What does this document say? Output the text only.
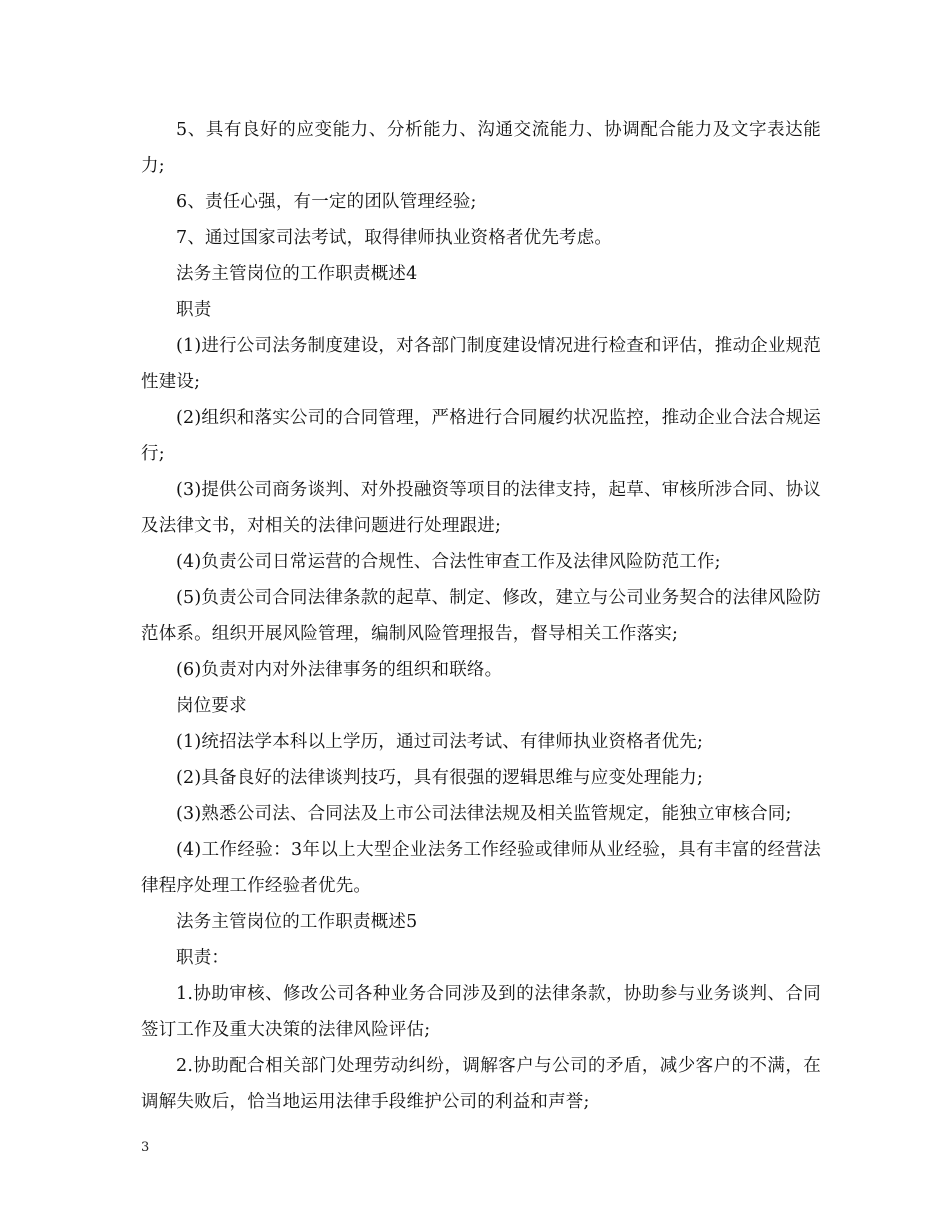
5、具有良好的应变能力、分析能力、沟通交流能力、协调配合能力及文字表达能力;

6、责任心强，有一定的团队管理经验;

7、通过国家司法考试，取得律师执业资格者优先考虑。

法务主管岗位的工作职责概述4

职责

(1)进行公司法务制度建设，对各部门制度建设情况进行检查和评估，推动企业规范性建设;

(2)组织和落实公司的合同管理，严格进行合同履约状况监控，推动企业合法合规运行;

(3)提供公司商务谈判、对外投融资等项目的法律支持，起草、审核所涉合同、协议及法律文书，对相关的法律问题进行处理跟进;

(4)负责公司日常运营的合规性、合法性审查工作及法律风险防范工作;

(5)负责公司合同法律条款的起草、制定、修改，建立与公司业务契合的法律风险防范体系。组织开展风险管理，编制风险管理报告，督导相关工作落实;

(6)负责对内对外法律事务的组织和联络。

岗位要求

(1)统招法学本科以上学历，通过司法考试、有律师执业资格者优先;

(2)具备良好的法律谈判技巧，具有很强的逻辑思维与应变处理能力;

(3)熟悉公司法、合同法及上市公司法律法规及相关监管规定，能独立审核合同;

(4)工作经验：3年以上大型企业法务工作经验或律师从业经验，具有丰富的经营法律程序处理工作经验者优先。

法务主管岗位的工作职责概述5

职责：

1.协助审核、修改公司各种业务合同涉及到的法律条款，协助参与业务谈判、合同签订工作及重大决策的法律风险评估;

2.协助配合相关部门处理劳动纠纷，调解客户与公司的矛盾，减少客户的不满，在调解失败后，恰当地运用法律手段维护公司的利益和声誉;

3
